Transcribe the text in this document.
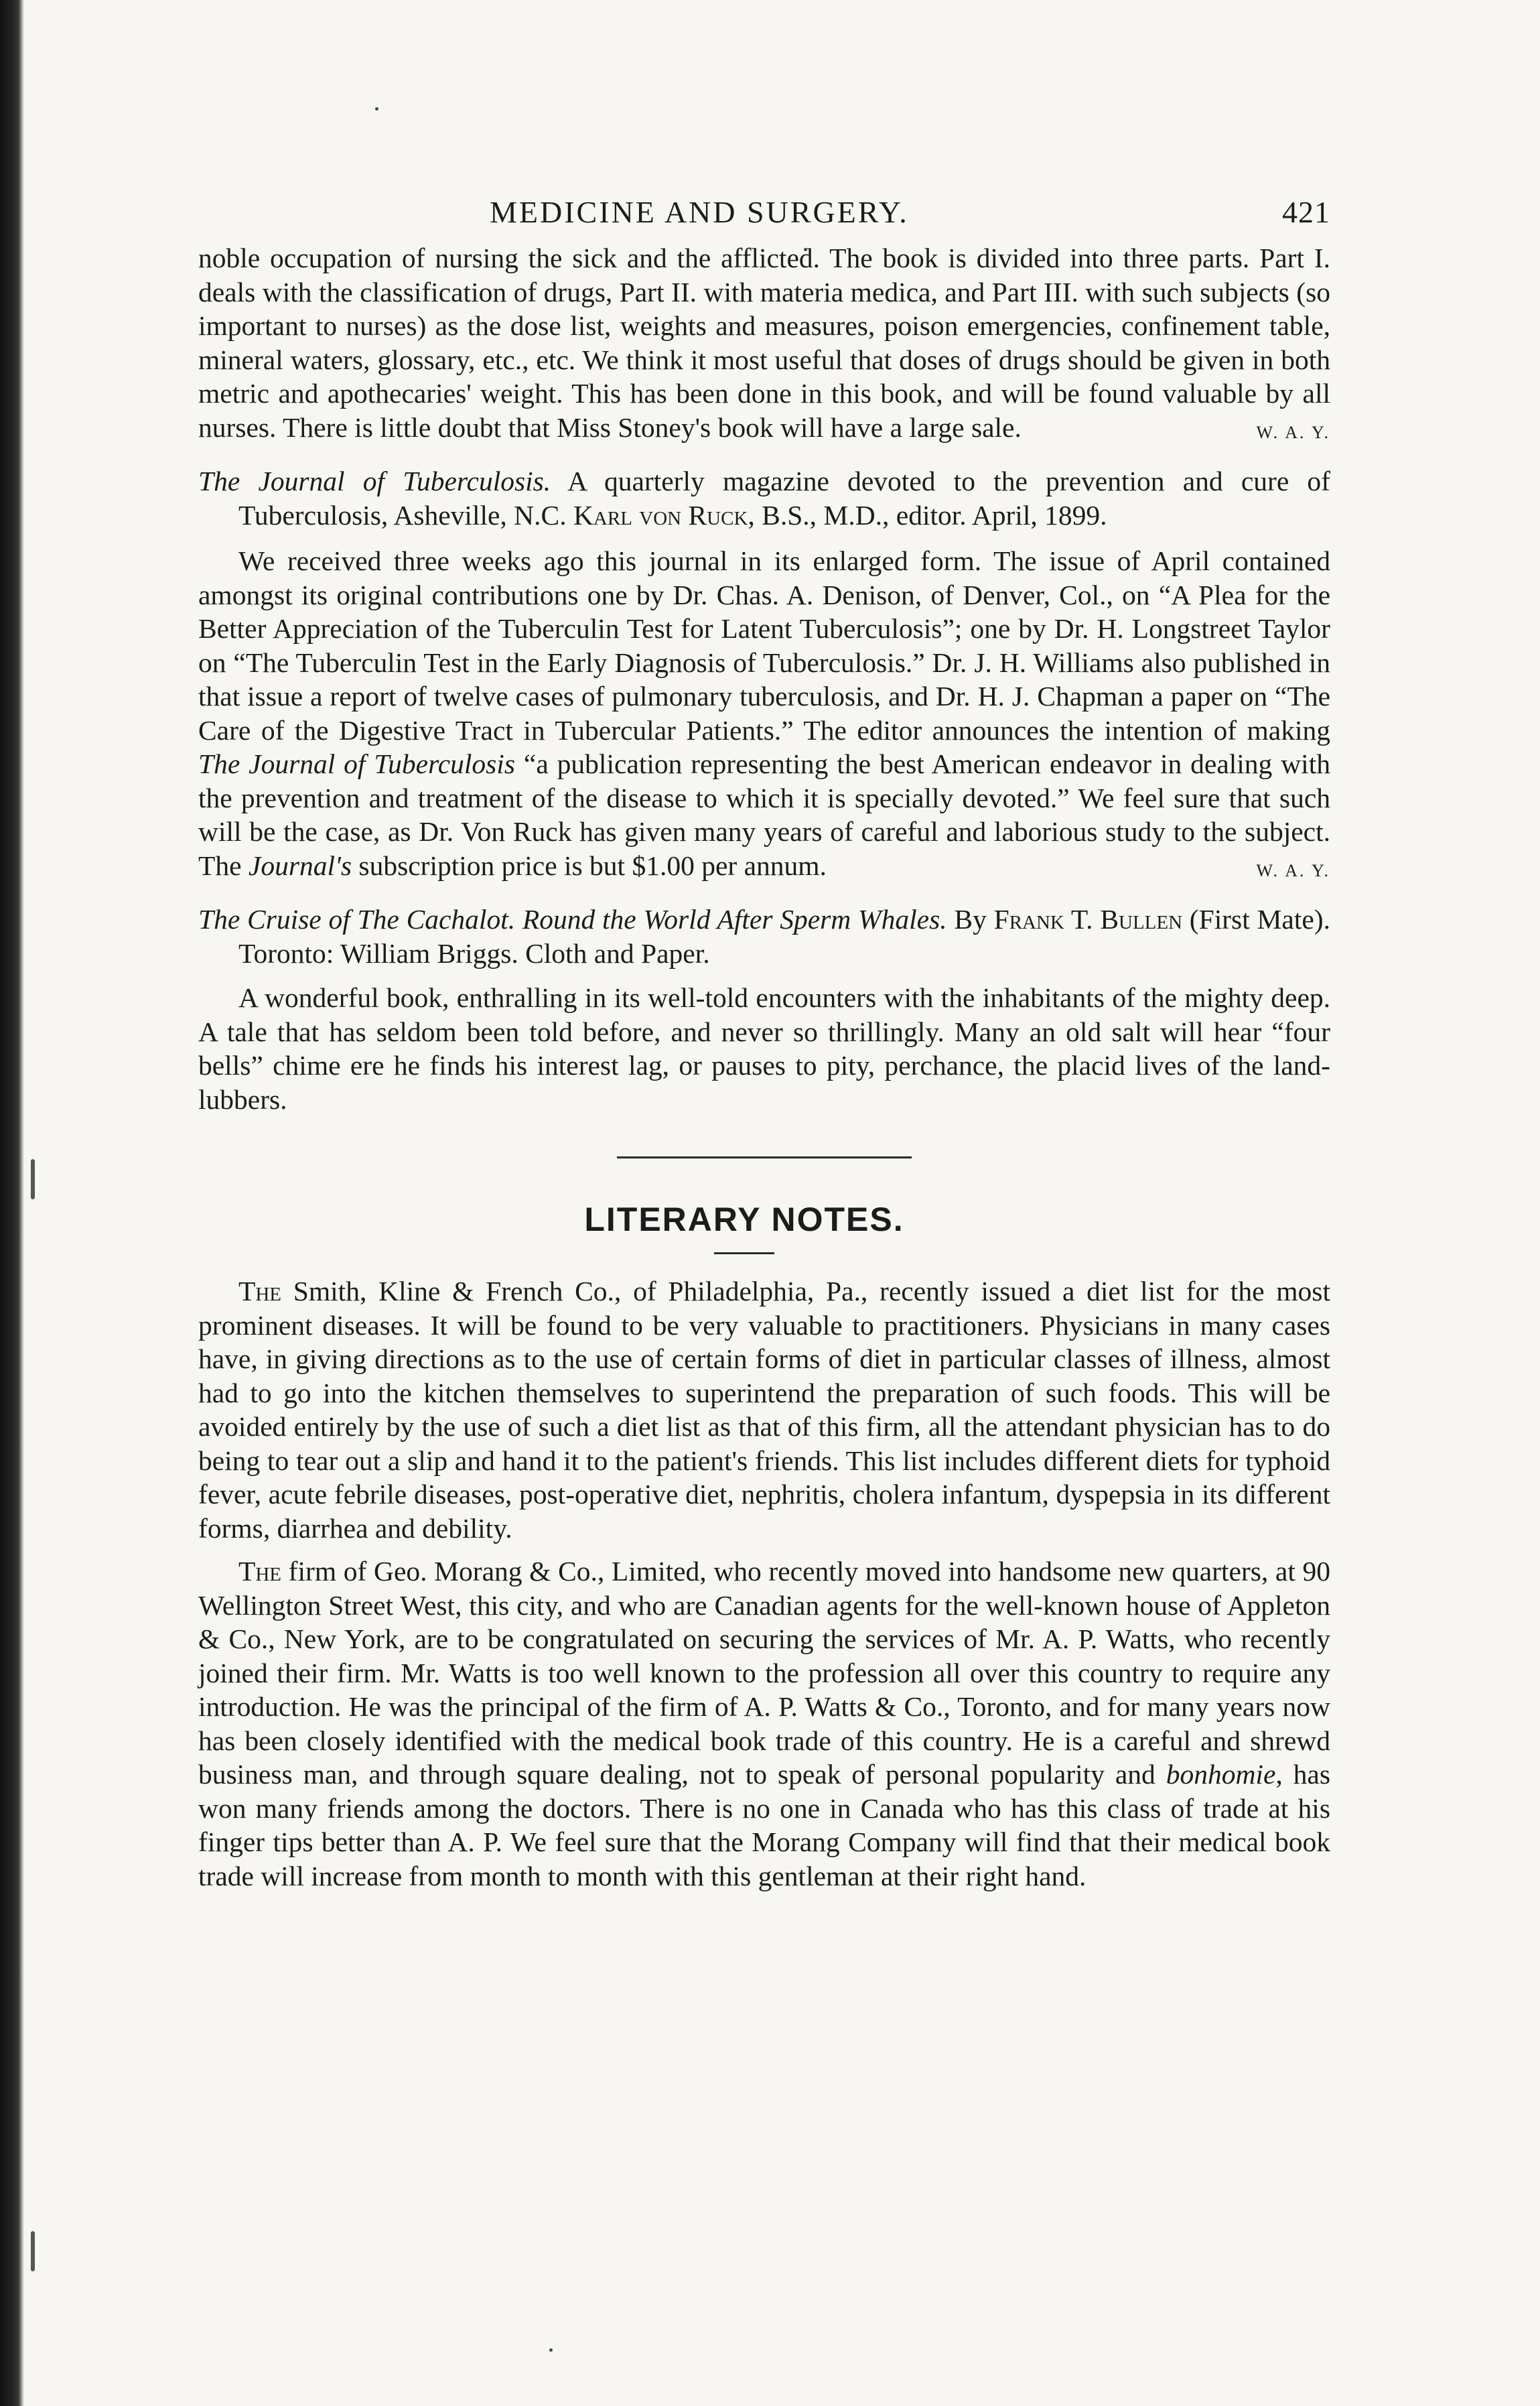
MEDICINE AND SURGERY.	421

noble occupation of nursing the sick and the afflicted. The book is divided into three parts. Part I. deals with the classification of drugs, Part II. with materia medica, and Part III. with such subjects (so important to nurses) as the dose list, weights and measures, poison emergencies, confinement table, mineral waters, glossary, etc., etc. We think it most useful that doses of drugs should be given in both metric and apothecaries' weight. This has been done in this book, and will be found valuable by all nurses. There is little doubt that Miss Stoney's book will have a large sale.	W. A. Y.

The Journal of Tuberculosis. A quarterly magazine devoted to the prevention and cure of Tuberculosis, Asheville, N.C. Karl von Ruck, B.S., M.D., editor. April, 1899.

We received three weeks ago this journal in its enlarged form. The issue of April contained amongst its original contributions one by Dr. Chas. A. Denison, of Denver, Col., on “A Plea for the Better Appreciation of the Tuberculin Test for Latent Tuberculosis”; one by Dr. H. Longstreet Taylor on “The Tuberculin Test in the Early Diagnosis of Tuberculosis.” Dr. J. H. Williams also published in that issue a report of twelve cases of pulmonary tuberculosis, and Dr. H. J. Chapman a paper on “The Care of the Digestive Tract in Tubercular Patients.” The editor announces the intention of making The Journal of Tuberculosis “a publication representing the best American endeavor in dealing with the prevention and treatment of the disease to which it is specially devoted.” We feel sure that such will be the case, as Dr. Von Ruck has given many years of careful and laborious study to the subject. The Journal's subscription price is but $1.00 per annum.	W. A. Y.

The Cruise of The Cachalot. Round the World After Sperm Whales. By Frank T. Bullen (First Mate). Toronto: William Briggs. Cloth and Paper.

A wonderful book, enthralling in its well-told encounters with the inhabitants of the mighty deep. A tale that has seldom been told before, and never so thrillingly. Many an old salt will hear “four bells” chime ere he finds his interest lag, or pauses to pity, perchance, the placid lives of the land-lubbers.

LITERARY NOTES.

The Smith, Kline & French Co., of Philadelphia, Pa., recently issued a diet list for the most prominent diseases. It will be found to be very valuable to practitioners. Physicians in many cases have, in giving directions as to the use of certain forms of diet in particular classes of illness, almost had to go into the kitchen themselves to superintend the preparation of such foods. This will be avoided entirely by the use of such a diet list as that of this firm, all the attendant physician has to do being to tear out a slip and hand it to the patient's friends. This list includes different diets for typhoid fever, acute febrile diseases, post-operative diet, nephritis, cholera infantum, dyspepsia in its different forms, diarrhea and debility.

The firm of Geo. Morang & Co., Limited, who recently moved into handsome new quarters, at 90 Wellington Street West, this city, and who are Canadian agents for the well-known house of Appleton & Co., New York, are to be congratulated on securing the services of Mr. A. P. Watts, who recently joined their firm. Mr. Watts is too well known to the profession all over this country to require any introduction. He was the principal of the firm of A. P. Watts & Co., Toronto, and for many years now has been closely identified with the medical book trade of this country. He is a careful and shrewd business man, and through square dealing, not to speak of personal popularity and bonhomie, has won many friends among the doctors. There is no one in Canada who has this class of trade at his finger tips better than A. P. We feel sure that the Morang Company will find that their medical book trade will increase from month to month with this gentleman at their right hand.
